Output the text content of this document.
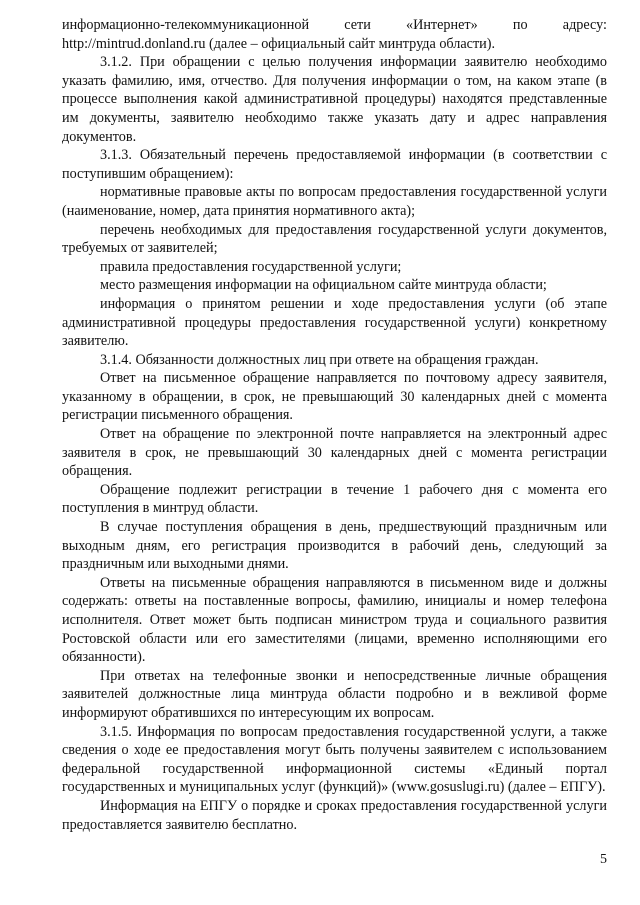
информационно-телекоммуникационной сети «Интернет» по адресу: http://mintrud.donland.ru (далее – официальный сайт минтруда области).

3.1.2. При обращении с целью получения информации заявителю необходимо указать фамилию, имя, отчество. Для получения информации о том, на каком этапе (в процессе выполнения какой административной процедуры) находятся представленные им документы, заявителю необходимо также указать дату и адрес направления документов.

3.1.3. Обязательный перечень предоставляемой информации (в соответствии с поступившим обращением):

нормативные правовые акты по вопросам предоставления государственной услуги (наименование, номер, дата принятия нормативного акта);

перечень необходимых для предоставления государственной услуги документов, требуемых от заявителей;

правила предоставления государственной услуги;

место размещения информации на официальном сайте минтруда области;

информация о принятом решении и ходе предоставления услуги (об этапе административной процедуры предоставления государственной услуги) конкретному заявителю.

3.1.4. Обязанности должностных лиц при ответе на обращения граждан.

Ответ на письменное обращение направляется по почтовому адресу заявителя, указанному в обращении, в срок, не превышающий 30 календарных дней с момента регистрации письменного обращения.

Ответ на обращение по электронной почте направляется на электронный адрес заявителя в срок, не превышающий 30 календарных дней с момента регистрации обращения.

Обращение подлежит регистрации в течение 1 рабочего дня с момента его поступления в минтруд области.

В случае поступления обращения в день, предшествующий праздничным или выходным дням, его регистрация производится в рабочий день, следующий за праздничным или выходными днями.

Ответы на письменные обращения направляются в письменном виде и должны содержать: ответы на поставленные вопросы, фамилию, инициалы и номер телефона исполнителя. Ответ может быть подписан министром труда и социального развития Ростовской области или его заместителями (лицами, временно исполняющими его обязанности).

При ответах на телефонные звонки и непосредственные личные обращения заявителей должностные лица минтруда области подробно и в вежливой форме информируют обратившихся по интересующим их вопросам.

3.1.5. Информация по вопросам предоставления государственной услуги, а также сведения о ходе ее предоставления могут быть получены заявителем с использованием федеральной государственной информационной системы «Единый портал государственных и муниципальных услуг (функций)» (www.gosuslugi.ru) (далее – ЕПГУ).

Информация на ЕПГУ о порядке и сроках предоставления государственной услуги предоставляется заявителю бесплатно.

5
